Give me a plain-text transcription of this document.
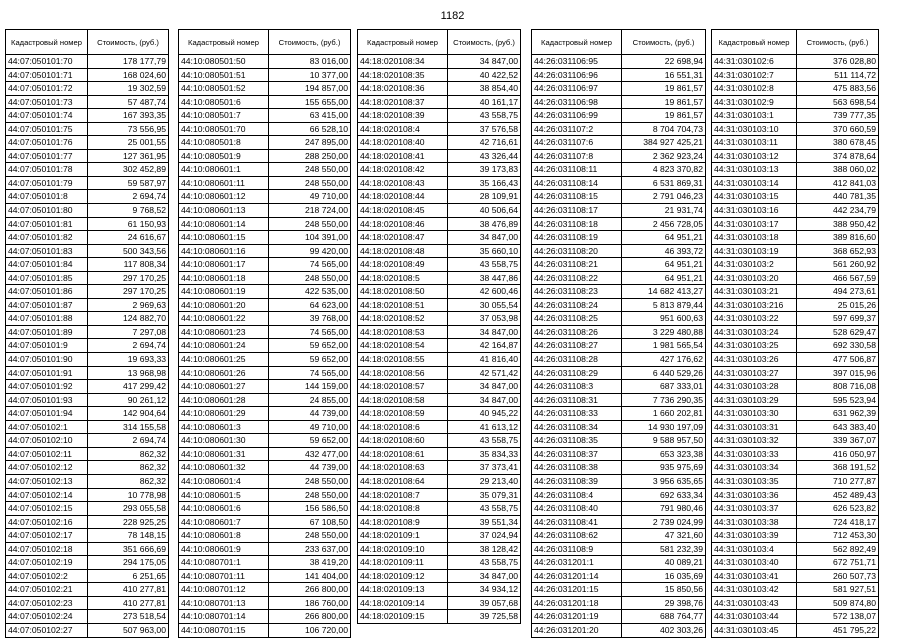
1182
Кадастровый номер	Стоимость, (руб.)
44:07:050101:70	178 177,79
44:07:050101:71	168 024,60
44:07:050101:72	19 302,59
44:07:050101:73	57 487,74
44:07:050101:74	167 393,35
44:07:050101:75	73 556,95
44:07:050101:76	25 001,55
44:07:050101:77	127 361,95
44:07:050101:78	302 452,89
44:07:050101:79	59 587,97
44:07:050101:8	2 694,74
44:07:050101:80	9 768,52
44:07:050101:81	61 150,93
44:07:050101:82	24 616,67
44:07:050101:83	500 343,56
44:07:050101:84	117 808,34
44:07:050101:85	297 170,25
44:07:050101:86	297 170,25
44:07:050101:87	2 969,63
44:07:050101:88	124 882,70
44:07:050101:89	7 297,08
44:07:050101:9	2 694,74
44:07:050101:90	19 693,33
44:07:050101:91	13 968,98
44:07:050101:92	417 299,42
44:07:050101:93	90 261,12
44:07:050101:94	142 904,64
44:07:050102:1	314 155,58
44:07:050102:10	2 694,74
44:07:050102:11	862,32
44:07:050102:12	862,32
44:07:050102:13	862,32
44:07:050102:14	10 778,98
44:07:050102:15	293 055,58
44:07:050102:16	228 925,25
44:07:050102:17	78 148,15
44:07:050102:18	351 666,69
44:07:050102:19	294 175,05
44:07:050102:2	6 251,65
44:07:050102:21	410 277,81
44:07:050102:23	410 277,81
44:07:050102:24	273 518,54
44:07:050102:27	507 963,00
Кадастровый номер	Стоимость, (руб.)
44:10:080501:50	83 016,00
44:10:080501:51	10 377,00
44:10:080501:52	194 857,00
44:10:080501:6	155 655,00
44:10:080501:7	63 415,00
44:10:080501:70	66 528,10
44:10:080501:8	247 895,00
44:10:080501:9	288 250,00
44:10:080601:1	248 550,00
44:10:080601:11	248 550,00
44:10:080601:12	49 710,00
44:10:080601:13	218 724,00
44:10:080601:14	248 550,00
44:10:080601:15	104 391,00
44:10:080601:16	99 420,00
44:10:080601:17	74 565,00
44:10:080601:18	248 550,00
44:10:080601:19	422 535,00
44:10:080601:20	64 623,00
44:10:080601:22	39 768,00
44:10:080601:23	74 565,00
44:10:080601:24	59 652,00
44:10:080601:25	59 652,00
44:10:080601:26	74 565,00
44:10:080601:27	144 159,00
44:10:080601:28	24 855,00
44:10:080601:29	44 739,00
44:10:080601:3	49 710,00
44:10:080601:30	59 652,00
44:10:080601:31	432 477,00
44:10:080601:32	44 739,00
44:10:080601:4	248 550,00
44:10:080601:5	248 550,00
44:10:080601:6	156 586,50
44:10:080601:7	67 108,50
44:10:080601:8	248 550,00
44:10:080601:9	233 637,00
44:10:080701:1	38 419,20
44:10:080701:11	141 404,00
44:10:080701:12	266 800,00
44:10:080701:13	186 760,00
44:10:080701:14	266 800,00
44:10:080701:15	106 720,00
Кадастровый номер	Стоимость, (руб.)
44:18:020108:34	34 847,00
44:18:020108:35	40 422,52
44:18:020108:36	38 854,40
44:18:020108:37	40 161,17
44:18:020108:39	43 558,75
44:18:020108:4	37 576,58
44:18:020108:40	42 716,61
44:18:020108:41	43 326,44
44:18:020108:42	39 173,83
44:18:020108:43	35 166,43
44:18:020108:44	28 109,91
44:18:020108:45	40 506,64
44:18:020108:46	38 476,89
44:18:020108:47	34 847,00
44:18:020108:48	35 660,10
44:18:020108:49	43 558,75
44:18:020108:5	38 447,86
44:18:020108:50	42 600,46
44:18:020108:51	30 055,54
44:18:020108:52	37 053,98
44:18:020108:53	34 847,00
44:18:020108:54	42 164,87
44:18:020108:55	41 816,40
44:18:020108:56	42 571,42
44:18:020108:57	34 847,00
44:18:020108:58	34 847,00
44:18:020108:59	40 945,22
44:18:020108:6	41 613,12
44:18:020108:60	43 558,75
44:18:020108:61	35 834,33
44:18:020108:63	37 373,41
44:18:020108:64	29 213,40
44:18:020108:7	35 079,31
44:18:020108:8	43 558,75
44:18:020108:9	39 551,34
44:18:020109:1	37 024,94
44:18:020109:10	38 128,42
44:18:020109:11	43 558,75
44:18:020109:12	34 847,00
44:18:020109:13	34 934,12
44:18:020109:14	39 057,68
44:18:020109:15	39 725,58
Кадастровый номер	Стоимость, (руб.)
44:26:031106:95	22 698,94
44:26:031106:96	16 551,31
44:26:031106:97	19 861,57
44:26:031106:98	19 861,57
44:26:031106:99	19 861,57
44:26:031107:2	8 704 704,73
44:26:031107:6	384 927 425,21
44:26:031107:8	2 362 923,24
44:26:031108:11	4 823 370,82
44:26:031108:14	6 531 869,31
44:26:031108:15	2 791 046,23
44:26:031108:17	21 931,74
44:26:031108:18	2 456 728,05
44:26:031108:19	64 951,21
44:26:031108:20	46 393,72
44:26:031108:21	64 951,21
44:26:031108:22	64 951,21
44:26:031108:23	14 682 413,27
44:26:031108:24	5 813 879,44
44:26:031108:25	951 600,63
44:26:031108:26	3 229 480,88
44:26:031108:27	1 981 565,54
44:26:031108:28	427 176,62
44:26:031108:29	6 440 529,26
44:26:031108:3	687 333,01
44:26:031108:31	7 736 290,35
44:26:031108:33	1 660 202,81
44:26:031108:34	14 930 197,09
44:26:031108:35	9 588 957,50
44:26:031108:37	653 323,38
44:26:031108:38	935 975,69
44:26:031108:39	3 956 635,65
44:26:031108:4	692 633,34
44:26:031108:40	791 980,46
44:26:031108:41	2 739 024,99
44:26:031108:62	47 321,60
44:26:031108:9	581 232,39
44:26:031201:1	40 089,21
44:26:031201:14	16 035,69
44:26:031201:15	15 850,56
44:26:031201:18	29 398,76
44:26:031201:19	688 764,77
44:26:031201:20	402 303,26
Кадастровый номер	Стоимость, (руб.)
44:31:030102:6	376 028,80
44:31:030102:7	511 114,72
44:31:030102:8	475 883,56
44:31:030102:9	563 698,54
44:31:030103:1	739 777,35
44:31:030103:10	370 660,59
44:31:030103:11	380 678,45
44:31:030103:12	374 878,64
44:31:030103:13	388 060,02
44:31:030103:14	412 841,03
44:31:030103:15	440 781,35
44:31:030103:16	442 234,79
44:31:030103:17	388 950,42
44:31:030103:18	389 816,60
44:31:030103:19	368 652,93
44:31:030103:2	561 260,92
44:31:030103:20	466 567,59
44:31:030103:21	494 273,61
44:31:030103:216	25 015,26
44:31:030103:22	597 699,37
44:31:030103:24	528 629,47
44:31:030103:25	692 330,58
44:31:030103:26	477 506,87
44:31:030103:27	397 015,96
44:31:030103:28	808 716,08
44:31:030103:29	595 523,94
44:31:030103:30	631 962,39
44:31:030103:31	643 383,40
44:31:030103:32	339 367,07
44:31:030103:33	416 050,97
44:31:030103:34	368 191,52
44:31:030103:35	710 277,87
44:31:030103:36	452 489,43
44:31:030103:37	626 523,82
44:31:030103:38	724 418,17
44:31:030103:39	712 453,30
44:31:030103:4	562 892,49
44:31:030103:40	672 751,71
44:31:030103:41	260 507,73
44:31:030103:42	581 927,51
44:31:030103:43	509 874,80
44:31:030103:44	572 138,07
44:31:030103:45	451 795,22
